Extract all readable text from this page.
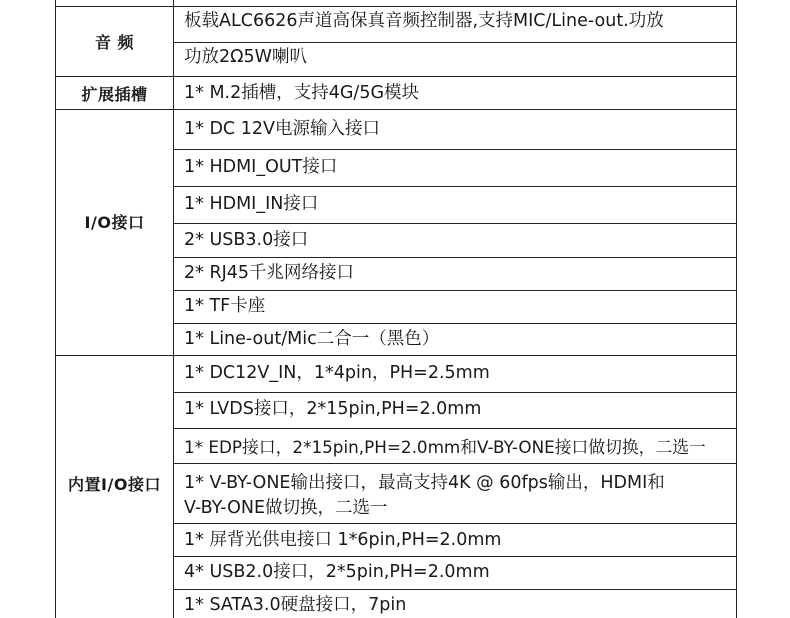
音 频
扩展插槽
I/O接口
内置I/O接口
板载ALC6626声道高保真音频控制器,支持MIC/Line-out.功放
功放2Ω5W喇叭
1* M.2插槽，支持4G/5G模块
1* DC 12V电源输入接口
1* HDMI_OUT接口
1* HDMI_IN接口
2* USB3.0接口
2* RJ45千兆网络接口
1* TF卡座
1* Line-out/Mic二合一（黑色）
1* DC12V_IN，1*4pin，PH=2.5mm
1* LVDS接口，2*15pin,PH=2.0mm
1* EDP接口，2*15pin,PH=2.0mm和V-BY-ONE接口做切换，二选一
1* V-BY-ONE输出接口，最高支持4K @ 60fps输出，HDMI和
V-BY-ONE做切换，二选一
1* 屏背光供电接口 1*6pin,PH=2.0mm
4* USB2.0接口，2*5pin,PH=2.0mm
1* SATA3.0硬盘接口，7pin
